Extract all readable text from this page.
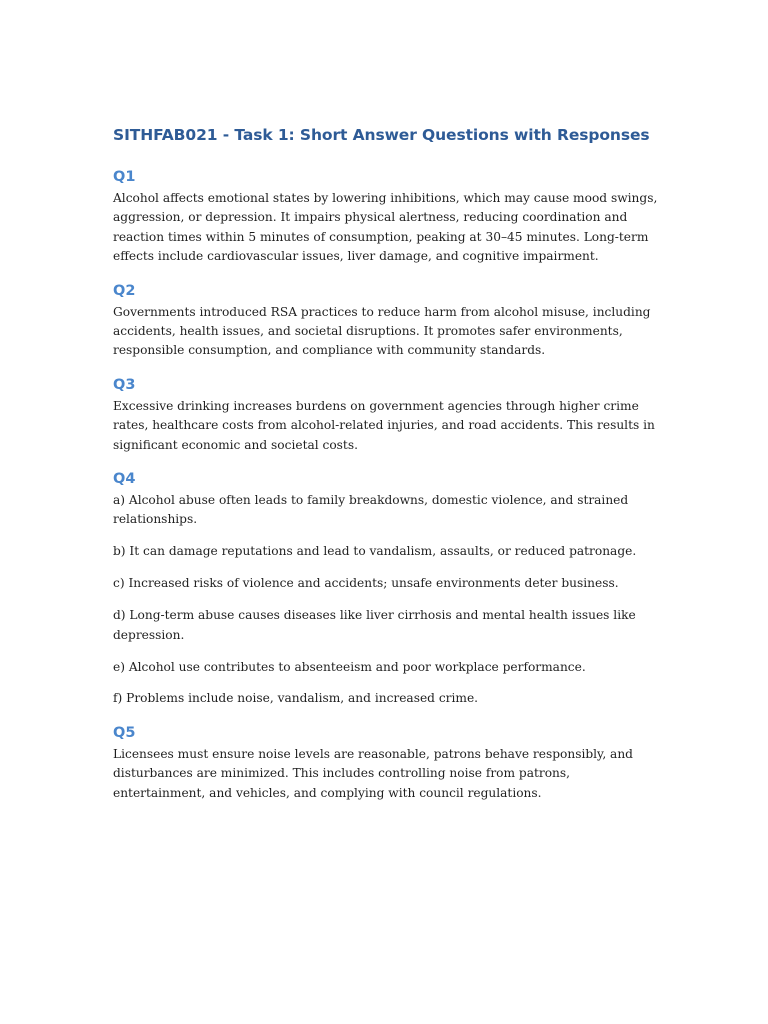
SITHFAB021 - Task 1: Short Answer Questions with Responses
Q1

Alcohol affects emotional states by lowering inhibitions, which may cause mood swings, aggression, or depression. It impairs physical alertness, reducing coordination and reaction times within 5 minutes of consumption, peaking at 30–45 minutes. Long-term effects include cardiovascular issues, liver damage, and cognitive impairment.

Q2

Governments introduced RSA practices to reduce harm from alcohol misuse, including accidents, health issues, and societal disruptions. It promotes safer environments, responsible consumption, and compliance with community standards.

Q3

Excessive drinking increases burdens on government agencies through higher crime rates, healthcare costs from alcohol-related injuries, and road accidents. This results in significant economic and societal costs.

Q4

a) Alcohol abuse often leads to family breakdowns, domestic violence, and strained relationships.

b) It can damage reputations and lead to vandalism, assaults, or reduced patronage.

c) Increased risks of violence and accidents; unsafe environments deter business.

d) Long-term abuse causes diseases like liver cirrhosis and mental health issues like depression.

e) Alcohol use contributes to absenteeism and poor workplace performance.

f) Problems include noise, vandalism, and increased crime.

Q5

Licensees must ensure noise levels are reasonable, patrons behave responsibly, and disturbances are minimized. This includes controlling noise from patrons, entertainment, and vehicles, and complying with council regulations.
